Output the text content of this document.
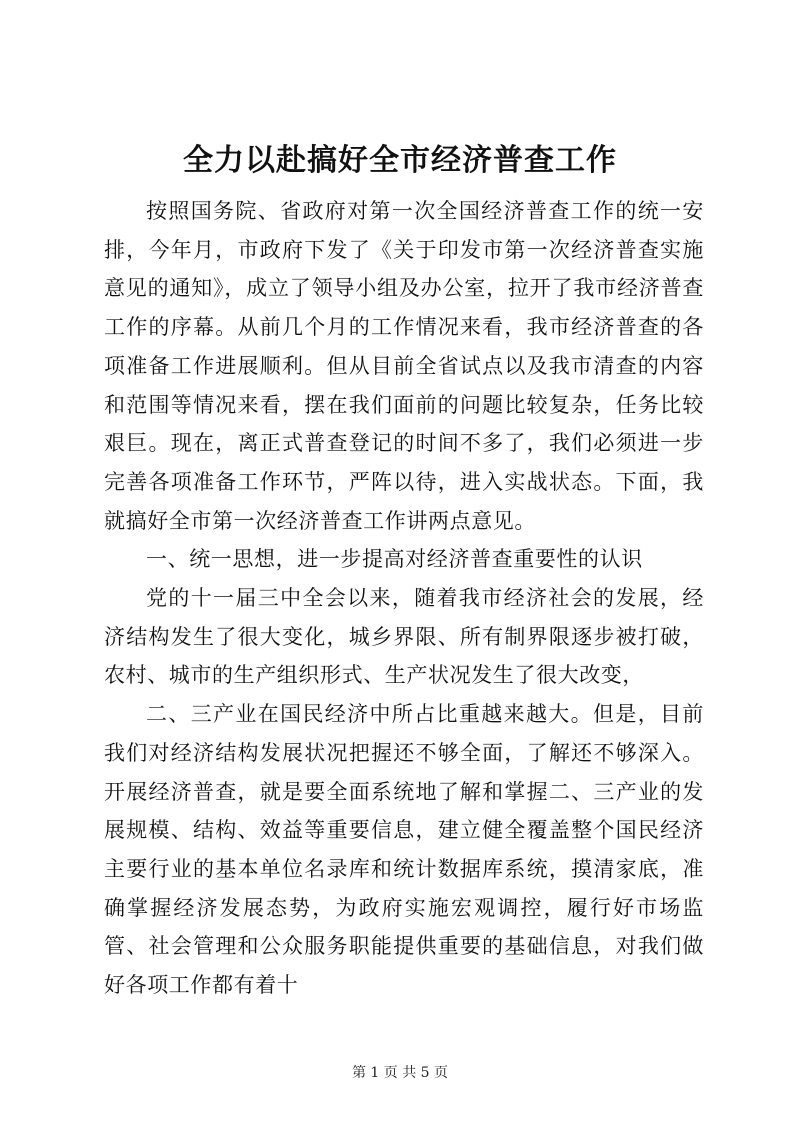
全力以赴搞好全市经济普查工作

按照国务院、省政府对第一次全国经济普查工作的统一安排，今年月，市政府下发了《关于印发市第一次经济普查实施意见的通知》，成立了领导小组及办公室，拉开了我市经济普查工作的序幕。从前几个月的工作情况来看，我市经济普查的各项准备工作进展顺利。但从目前全省试点以及我市清查的内容和范围等情况来看，摆在我们面前的问题比较复杂，任务比较艰巨。现在，离正式普查登记的时间不多了，我们必须进一步完善各项准备工作环节，严阵以待，进入实战状态。下面，我就搞好全市第一次经济普查工作讲两点意见。

一、统一思想，进一步提高对经济普查重要性的认识

党的十一届三中全会以来，随着我市经济社会的发展，经济结构发生了很大变化，城乡界限、所有制界限逐步被打破，农村、城市的生产组织形式、生产状况发生了很大改变，

二、三产业在国民经济中所占比重越来越大。但是，目前我们对经济结构发展状况把握还不够全面，了解还不够深入。开展经济普查，就是要全面系统地了解和掌握二、三产业的发展规模、结构、效益等重要信息，建立健全覆盖整个国民经济主要行业的基本单位名录库和统计数据库系统，摸清家底，准确掌握经济发展态势，为政府实施宏观调控，履行好市场监管、社会管理和公众服务职能提供重要的基础信息，对我们做好各项工作都有着十

第 1 页 共 5 页
